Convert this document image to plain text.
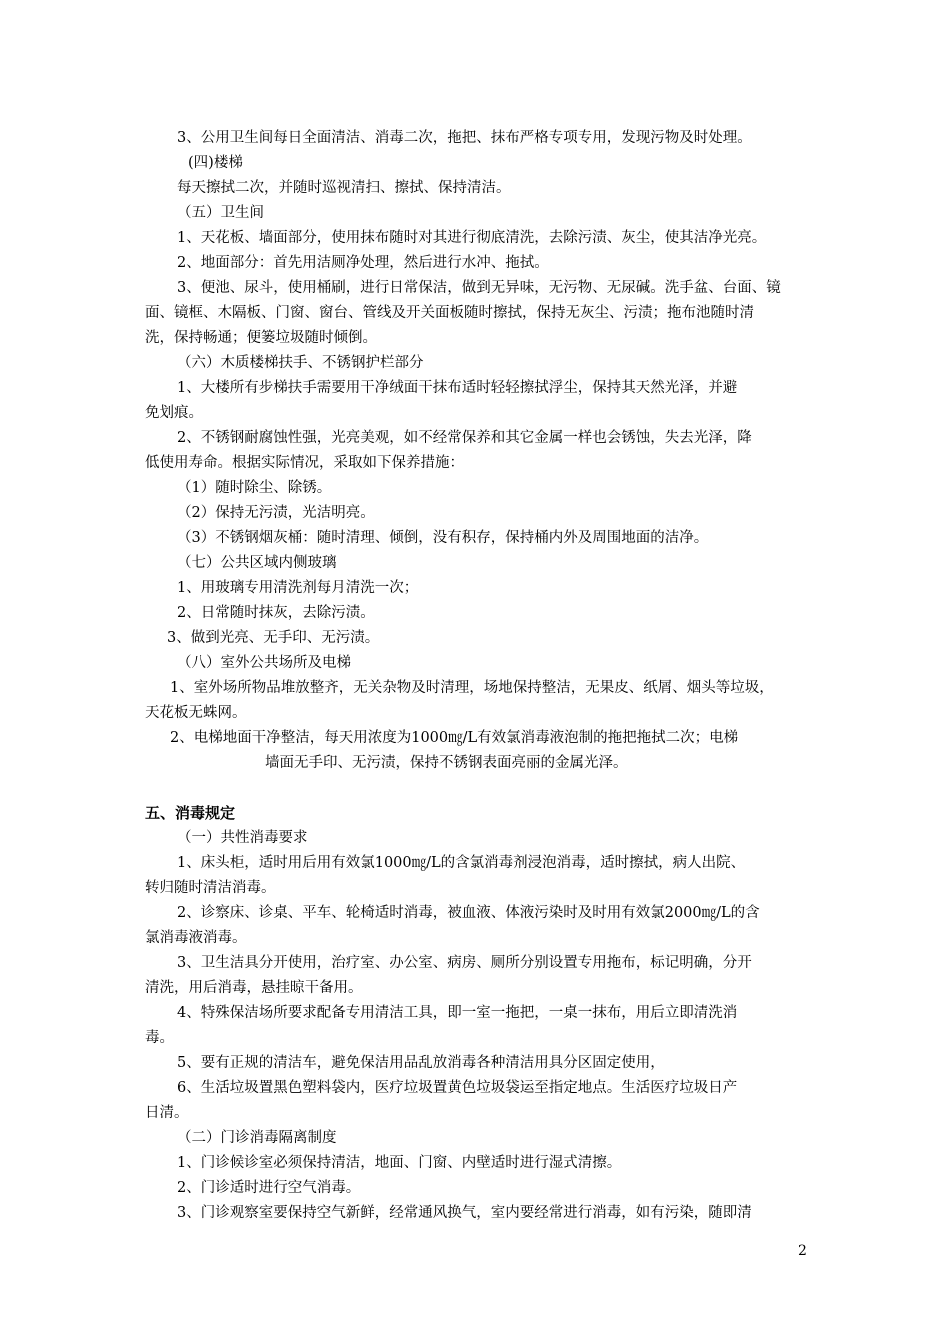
3、公用卫生间每日全面清洁、消毒二次，拖把、抹布严格专项专用，发现污物及时处理。
(四)楼梯
每天擦拭二次，并随时巡视清扫、擦拭、保持清洁。
（五）卫生间
1、天花板、墙面部分，使用抹布随时对其进行彻底清洗，去除污渍、灰尘，使其洁净光亮。
2、地面部分：首先用洁厕净处理，然后进行水冲、拖拭。
3、便池、尿斗，使用桶刷，进行日常保洁，做到无异味，无污物、无尿碱。洗手盆、台面、镜
面、镜框、木隔板、门窗、窗台、管线及开关面板随时擦拭，保持无灰尘、污渍；拖布池随时清
洗，保持畅通；便篓垃圾随时倾倒。
（六）木质楼梯扶手、不锈钢护栏部分
1、大楼所有步梯扶手需要用干净绒面干抹布适时轻轻擦拭浮尘，保持其天然光泽，并避
免划痕。
2、不锈钢耐腐蚀性强，光亮美观，如不经常保养和其它金属一样也会锈蚀，失去光泽，降
低使用寿命。根据实际情况，采取如下保养措施：
（1）随时除尘、除锈。
（2）保持无污渍，光洁明亮。
（3）不锈钢烟灰桶：随时清理、倾倒，没有积存，保持桶内外及周围地面的洁净。
（七）公共区域内侧玻璃
1、用玻璃专用清洗剂每月清洗一次；
2、日常随时抹灰，去除污渍。
3、做到光亮、无手印、无污渍。
（八）室外公共场所及电梯
1、室外场所物品堆放整齐，无关杂物及时清理，场地保持整洁，无果皮、纸屑、烟头等垃圾，
天花板无蛛网。
2、电梯地面干净整洁，每天用浓度为1000㎎/L有效氯消毒液泡制的拖把拖拭二次；电梯
墙面无手印、无污渍，保持不锈钢表面亮丽的金属光泽。
五、消毒规定
（一）共性消毒要求
1、床头柜，适时用后用有效氯1000㎎/L的含氯消毒剂浸泡消毒，适时擦拭，病人出院、
转归随时清洁消毒。
2、诊察床、诊桌、平车、轮椅适时消毒，被血液、体液污染时及时用有效氯2000㎎/L的含
氯消毒液消毒。
3、卫生洁具分开使用，治疗室、办公室、病房、厕所分别设置专用拖布，标记明确，分开
清洗，用后消毒，悬挂晾干备用。
4、特殊保洁场所要求配备专用清洁工具，即一室一拖把，一桌一抹布，用后立即清洗消
毒。
5、要有正规的清洁车，避免保洁用品乱放消毒各种清洁用具分区固定使用，
6、生活垃圾置黑色塑料袋内，医疗垃圾置黄色垃圾袋运至指定地点。生活医疗垃圾日产
日清。
（二）门诊消毒隔离制度
1、门诊候诊室必须保持清洁，地面、门窗、内壁适时进行湿式清擦。
2、门诊适时进行空气消毒。
3、门诊观察室要保持空气新鲜，经常通风换气，室内要经常进行消毒，如有污染，随即清
2
